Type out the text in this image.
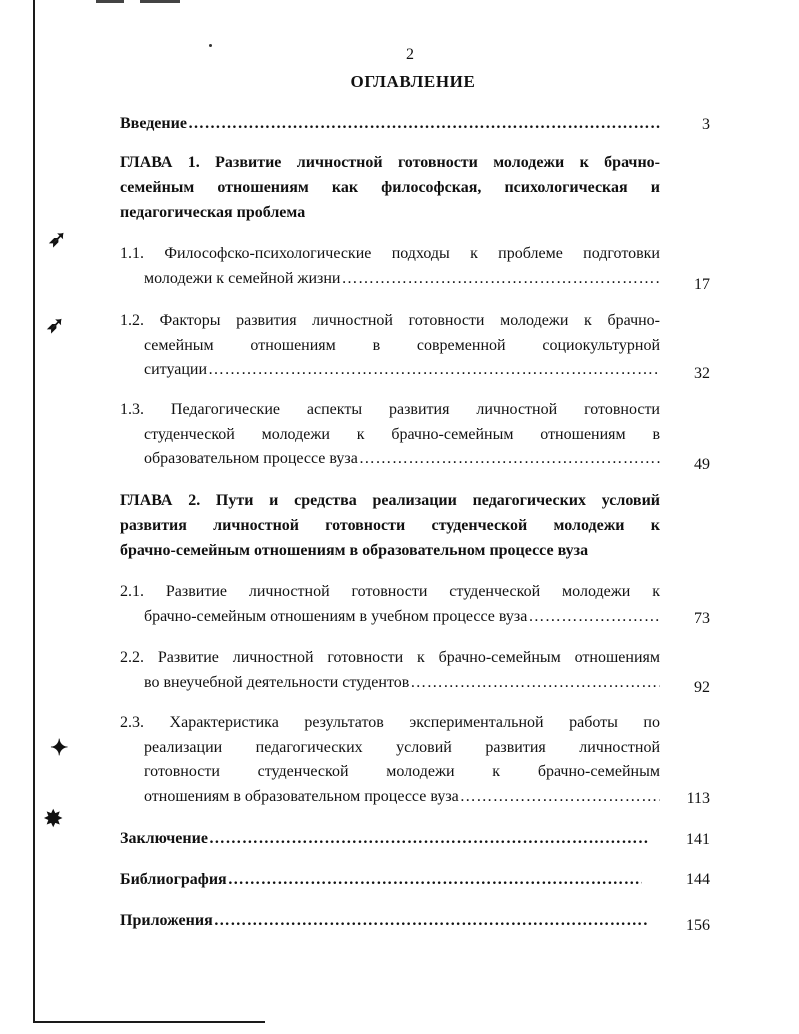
➶
➶
✦
✸
2
ОГЛАВЛЕНИЕ
Введение ……………………………………………………………………………………………………………………	3
ГЛАВА 1. Развитие личностной готовности молодежи к брачно-
семейным отношениям как философская, психологическая и
педагогическая проблема
1.1. Философско-психологические подходы к проблеме подготовки
молодежи к семейной жизни ……………………………………………………………………………………………………………………	17
1.2. Факторы развития личностной готовности молодежи к брачно-
семейным отношениям в современной социокультурной
ситуации ……………………………………………………………………………………………………………………	32
1.3. Педагогические аспекты развития личностной готовности
студенческой молодежи к брачно-семейным отношениям в
образовательном процессе вуза ……………………………………………………………………………………………………………………	49
ГЛАВА 2. Пути и средства реализации педагогических условий
развития личностной готовности студенческой молодежи к
брачно-семейным отношениям в образовательном процессе вуза
2.1. Развитие личностной готовности студенческой молодежи к
брачно-семейным отношениям в учебном процессе вуза ……………………………………………………………………………………………………………………	73
2.2. Развитие личностной готовности к брачно-семейным отношениям
во внеучебной деятельности студентов ……………………………………………………………………………………………………………………	92
2.3. Характеристика результатов экспериментальной работы по
реализации педагогических условий развития личностной
готовности студенческой молодежи к брачно-семейным
отношениям в образовательном процессе вуза ……………………………………………………………………………………………………………………	113
Заключение ……………………………………………………………………………………………………………………	141
Библиография ……………………………………………………………………………………………………………………	144
Приложения ……………………………………………………………………………………………………………………	156
